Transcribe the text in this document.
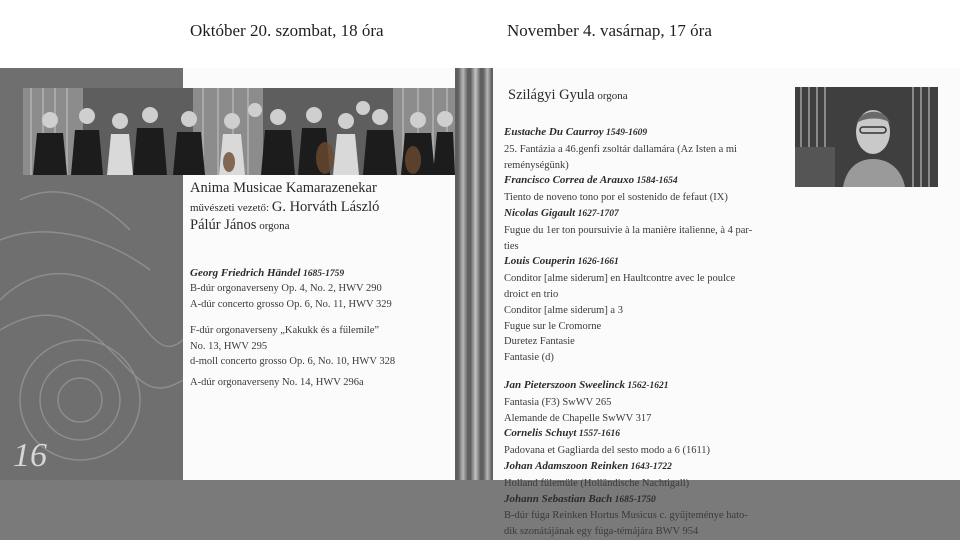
Október 20. szombat, 18 óra	November 4. vasárnap, 17 óra
Anima Musicae Kamarazenekar
művészeti vezető: G. Horváth László
Pálúr János orgona
Georg Friedrich Händel 1685-1759
B-dúr orgonaverseny Op. 4, No. 2, HWV 290
A-dúr concerto grosso Op. 6, No. 11, HWV 329
F-dúr orgonaverseny „Kakukk és a fülemile”
No. 13, HWV 295
d-moll concerto grosso Op. 6, No. 10, HWV 328
A-dúr orgonaverseny No. 14, HWV 296a
Szilágyi Gyula orgona
Eustache Du Caurroy 1549-1609
25. Fantázia a 46.genfi zsoltár dallamára (Az Isten a mi
reménységünk)
Francisco Correa de Arauxo 1584-1654
Tiento de noveno tono por el sostenido de fefaut (IX)
Nicolas Gigault 1627-1707
Fugue du 1er ton poursuivie à la manière italienne, à 4 par-
ties
Louis Couperin 1626-1661
Conditor [alme siderum] en Haultcontre avec le poulce
droict en trio
Conditor [alme siderum] a 3
Fugue sur le Cromorne
Duretez Fantasie
Fantasie (d)
Jan Pieterszoon Sweelinck 1562-1621
Fantasia (F3) SwWV 265
Alemande de Chapelle SwWV 317
Cornelis Schuyt 1557-1616
Padovana et Gagliarda del sesto modo a 6 (1611)
Johan Adamszoon Reinken 1643-1722
Holland fülemüle (Holländische Nachtigall)
Johann Sebastian Bach 1685-1750
B-dúr fúga Reinken Hortus Musicus c. gyűjteménye hato-
dik szonátájának egy fúga-témájára BWV 954
16
